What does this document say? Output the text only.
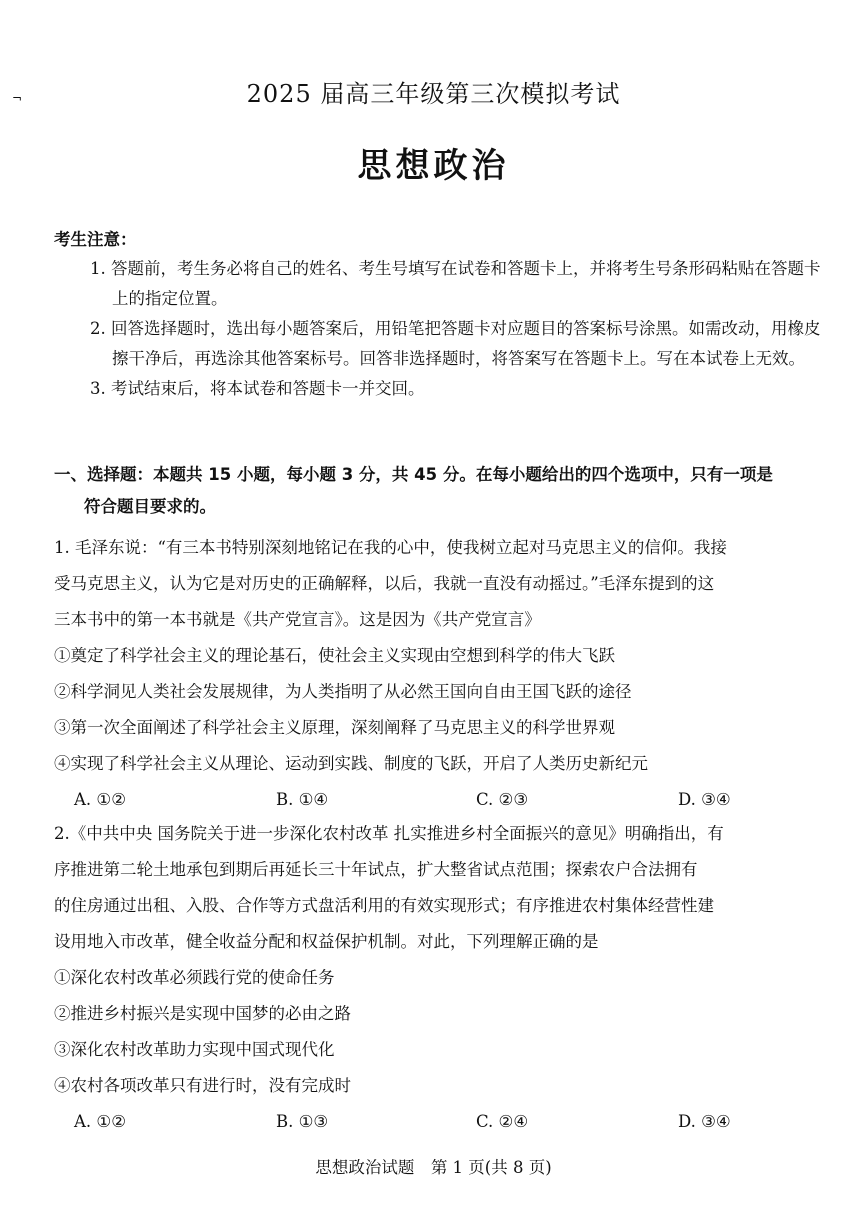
¬	2025 届高三年级第三次模拟考试
思想政治
考生注意：
1. 答题前，考生务必将自己的姓名、考生号填写在试卷和答题卡上，并将考生号条形码粘贴在答题卡上的指定位置。
2. 回答选择题时，选出每小题答案后，用铅笔把答题卡对应题目的答案标号涂黑。如需改动，用橡皮擦干净后，再选涂其他答案标号。回答非选择题时，将答案写在答题卡上。写在本试卷上无效。
3. 考试结束后，将本试卷和答题卡一并交回。
一、选择题：本题共 15 小题，每小题 3 分，共 45 分。在每小题给出的四个选项中，只有一项是
符合题目要求的。
1. 毛泽东说：“有三本书特别深刻地铭记在我的心中，使我树立起对马克思主义的信仰。我接
受马克思主义，认为它是对历史的正确解释，以后，我就一直没有动摇过。”毛泽东提到的这
三本书中的第一本书就是《共产党宣言》。这是因为《共产党宣言》
①奠定了科学社会主义的理论基石，使社会主义实现由空想到科学的伟大飞跃
②科学洞见人类社会发展规律，为人类指明了从必然王国向自由王国飞跃的途径
③第一次全面阐述了科学社会主义原理，深刻阐释了马克思主义的科学世界观
④实现了科学社会主义从理论、运动到实践、制度的飞跃，开启了人类历史新纪元
A. ①②	B. ①④	C. ②③	D. ③④
2.《中共中央 国务院关于进一步深化农村改革 扎实推进乡村全面振兴的意见》明确指出，有
序推进第二轮土地承包到期后再延长三十年试点，扩大整省试点范围；探索农户合法拥有
的住房通过出租、入股、合作等方式盘活利用的有效实现形式；有序推进农村集体经营性建
设用地入市改革，健全收益分配和权益保护机制。对此，下列理解正确的是
①深化农村改革必须践行党的使命任务
②推进乡村振兴是实现中国梦的必由之路
③深化农村改革助力实现中国式现代化
④农村各项改革只有进行时，没有完成时
A. ①②	B. ①③	C. ②④	D. ③④
思想政治试题　第 1 页(共 8 页)
